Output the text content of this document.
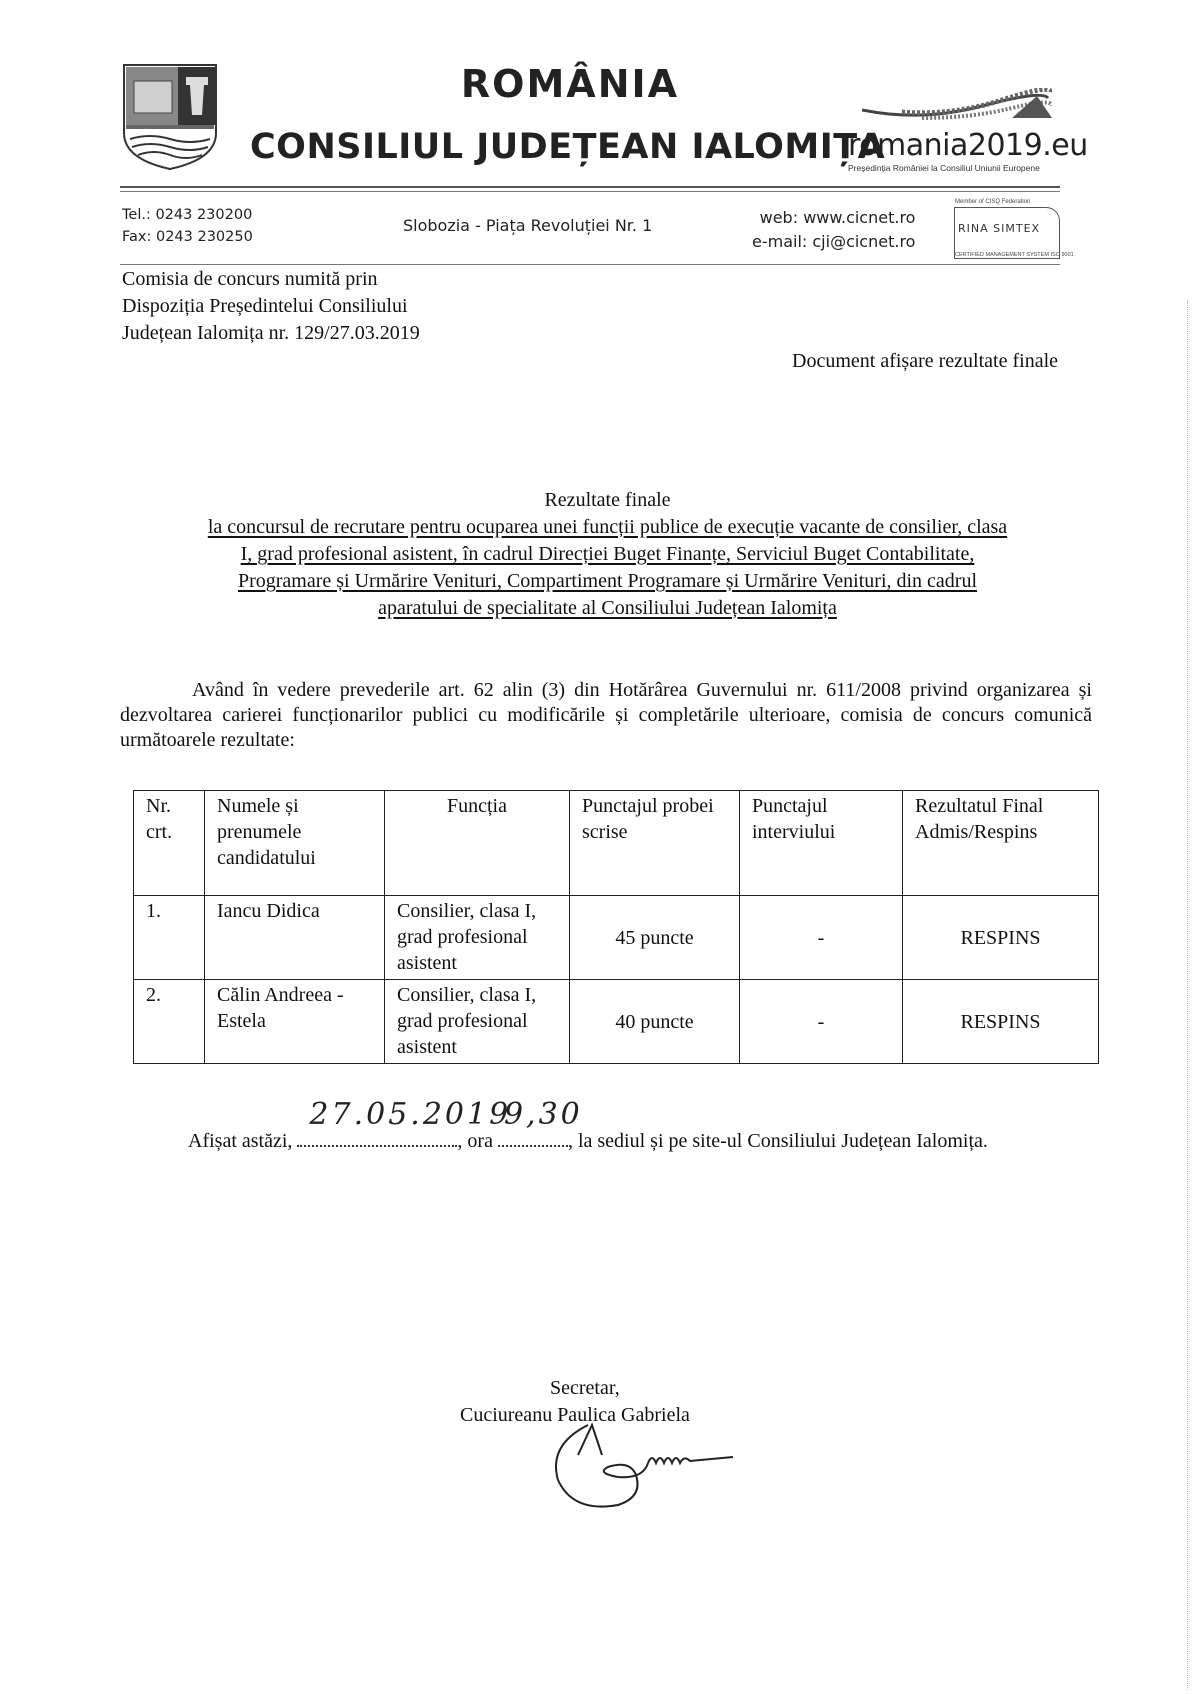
ROMÂNIA
CONSILIUL JUDEȚEAN IALOMIȚA
romania2019.eu
Președinția României la Consiliul Uniunii Europene
Tel.: 0243 230200
Fax: 0243 230250
Slobozia - Piața Revoluției Nr. 1	web: www.cicnet.ro
e-mail: cji@cicnet.ro
Member of CISQ Federation
RINA SIMTEX
CERTIFIED MANAGEMENT SYSTEM ISO 9001
Comisia de concurs numită prin
Dispoziția Președintelui Consiliului
Județean Ialomița nr. 129/27.03.2019
Document afișare rezultate finale
Rezultate finale
la concursul de recrutare pentru ocuparea unei funcții publice de execuție vacante de consilier, clasa
I, grad profesional asistent, în cadrul Direcției Buget Finanțe, Serviciul Buget Contabilitate,
Programare și Urmărire Venituri, Compartiment Programare și Urmărire Venituri, din cadrul
aparatului de specialitate al Consiliului Județean Ialomița
Având în vedere prevederile art. 62 alin (3) din Hotărârea Guvernului nr. 611/2008 privind organizarea și dezvoltarea carierei funcționarilor publici cu modificările și completările ulterioare, comisia de concurs comunică următoarele rezultate:
Nr. crt.	Numele și prenumele candidatului	Funcția	Punctajul probei scrise	Punctajul interviului	Rezultatul Final Admis/Respins
1.	Iancu Didica	Consilier, clasa I, grad profesional asistent	45 puncte	-	RESPINS
2.	Călin Andreea -Estela	Consilier, clasa I, grad profesional asistent	40 puncte	-	RESPINS
Afișat astăzi,
27.05.2019
, ora
9,30
, la sediul și pe site-ul Consiliului Județean Ialomița.
Secretar,
Cuciureanu Paulica Gabriela
